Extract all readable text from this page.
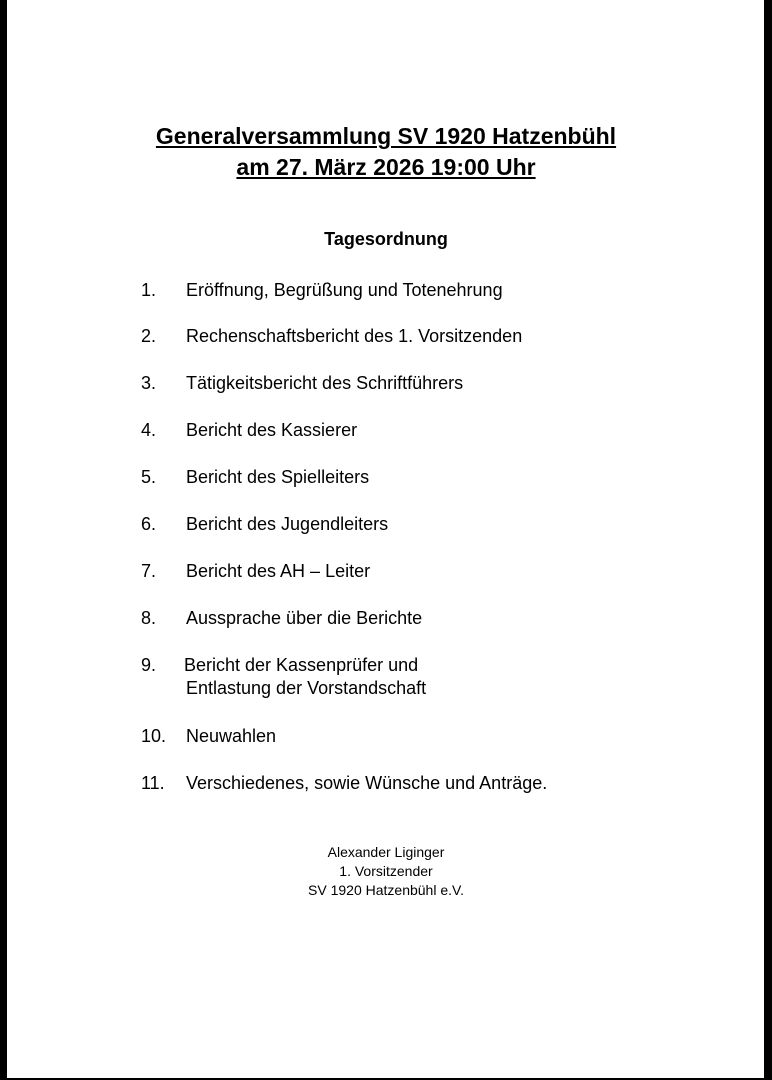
Generalversammlung SV 1920 Hatzenbühl
am 27. März 2026 19:00 Uhr
Tagesordnung
1. Eröffnung, Begrüßung und Totenehrung
2. Rechenschaftsbericht des 1. Vorsitzenden
3. Tätigkeitsbericht des Schriftführers
4. Bericht des Kassierer
5. Bericht des Spielleiters
6. Bericht des Jugendleiters
7. Bericht des AH – Leiter
8. Aussprache über die Berichte
9. Bericht der Kassenprüfer und
Entlastung der Vorstandschaft
10. Neuwahlen
11. Verschiedenes, sowie Wünsche und Anträge.
Alexander Liginger
1. Vorsitzender
SV 1920 Hatzenbühl e.V.
